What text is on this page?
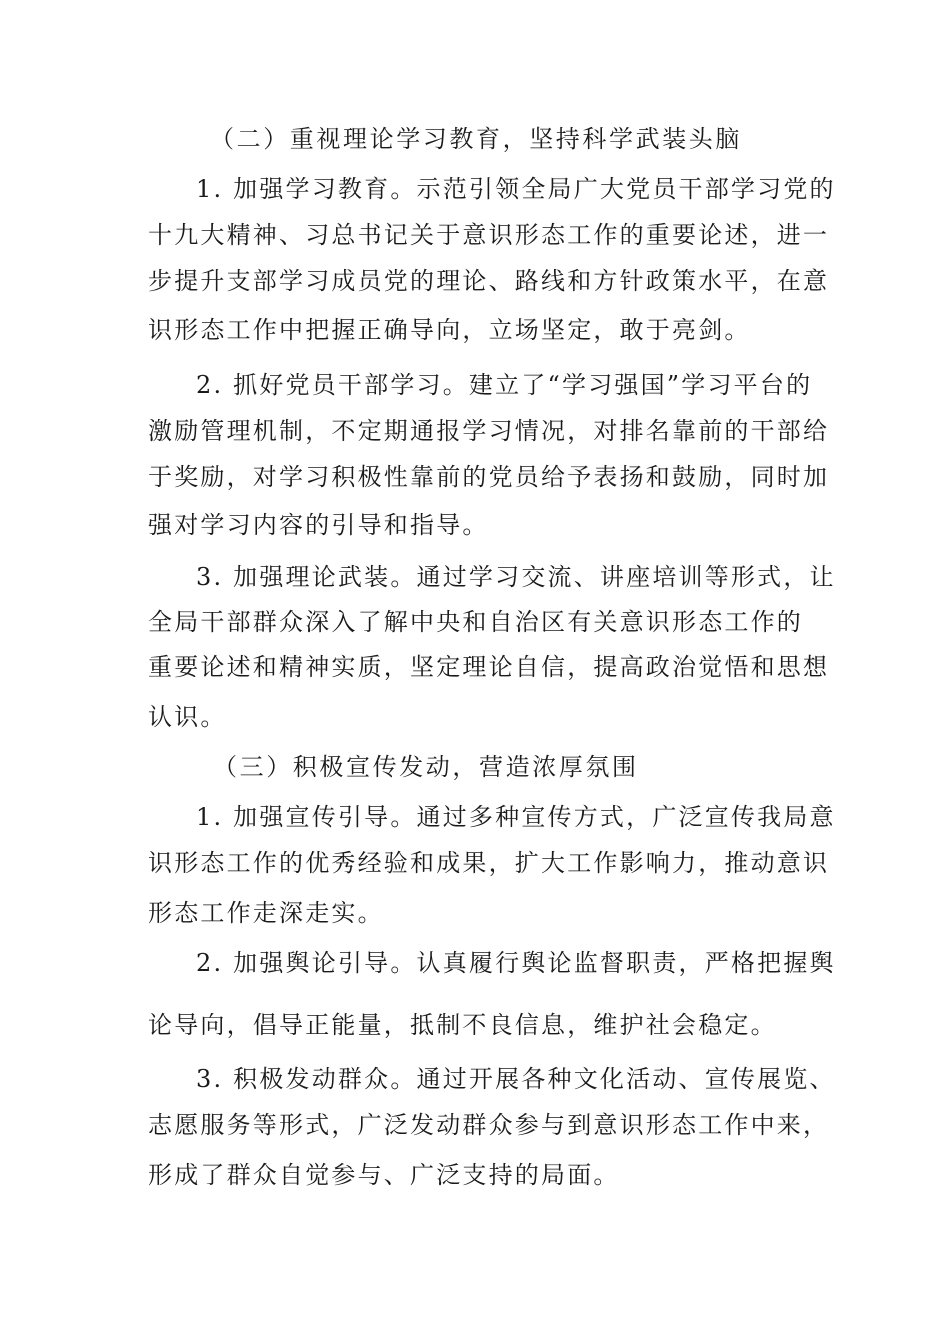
（二）重视理论学习教育，坚持科学武装头脑
1. 加强学习教育。示范引领全局广大党员干部学习党的
十九大精神、习总书记关于意识形态工作的重要论述，进一
步提升支部学习成员党的理论、路线和方针政策水平，在意
识形态工作中把握正确导向，立场坚定，敢于亮剑。
2. 抓好党员干部学习。建立了“学习强国”学习平台的
激励管理机制，不定期通报学习情况，对排名靠前的干部给
于奖励，对学习积极性靠前的党员给予表扬和鼓励，同时加
强对学习内容的引导和指导。
3. 加强理论武装。通过学习交流、讲座培训等形式，让
全局干部群众深入了解中央和自治区有关意识形态工作的
重要论述和精神实质，坚定理论自信，提高政治觉悟和思想
认识。
（三）积极宣传发动，营造浓厚氛围
1. 加强宣传引导。通过多种宣传方式，广泛宣传我局意
识形态工作的优秀经验和成果，扩大工作影响力，推动意识
形态工作走深走实。
2. 加强舆论引导。认真履行舆论监督职责，严格把握舆
论导向，倡导正能量，抵制不良信息，维护社会稳定。
3. 积极发动群众。通过开展各种文化活动、宣传展览、
志愿服务等形式，广泛发动群众参与到意识形态工作中来，
形成了群众自觉参与、广泛支持的局面。
